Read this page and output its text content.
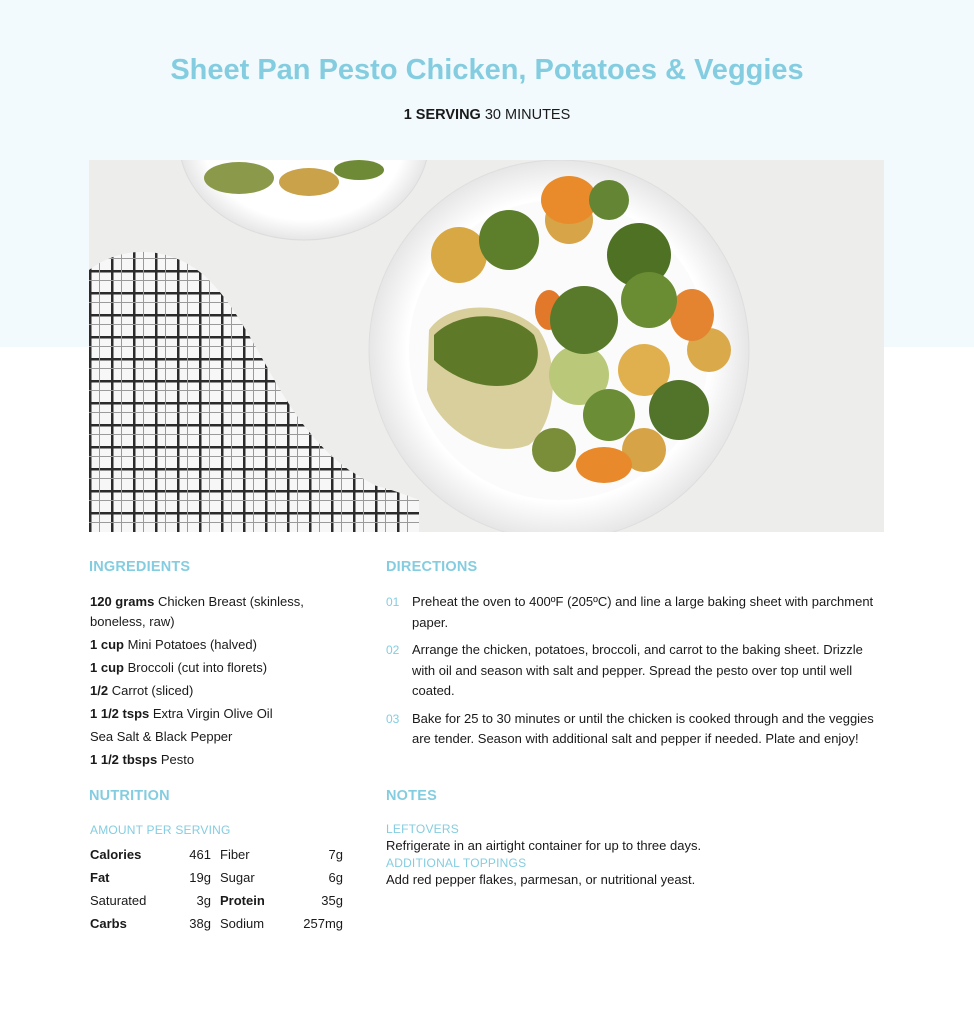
Sheet Pan Pesto Chicken, Potatoes & Veggies
1 SERVING 30 MINUTES
INGREDIENTS
120 grams Chicken Breast (skinless, boneless, raw)
1 cup Mini Potatoes (halved)
1 cup Broccoli (cut into florets)
1/2 Carrot (sliced)
1 1/2 tsps Extra Virgin Olive Oil
Sea Salt & Black Pepper
1 1/2 tbsps Pesto
DIRECTIONS
01 Preheat the oven to 400ºF (205ºC) and line a large baking sheet with parchment paper.
02 Arrange the chicken, potatoes, broccoli, and carrot to the baking sheet. Drizzle with oil and season with salt and pepper. Spread the pesto over top until well coated.
03 Bake for 25 to 30 minutes or until the chicken is cooked through and the veggies are tender. Season with additional salt and pepper if needed. Plate and enjoy!
NUTRITION
AMOUNT PER SERVING
Calories	461 Fiber	7g
Fat	19g Sugar	6g
Saturated	3g Protein	35g
Carbs	38g Sodium	257mg
NOTES
LEFTOVERS
Refrigerate in an airtight container for up to three days.
ADDITIONAL TOPPINGS
Add red pepper flakes, parmesan, or nutritional yeast.
